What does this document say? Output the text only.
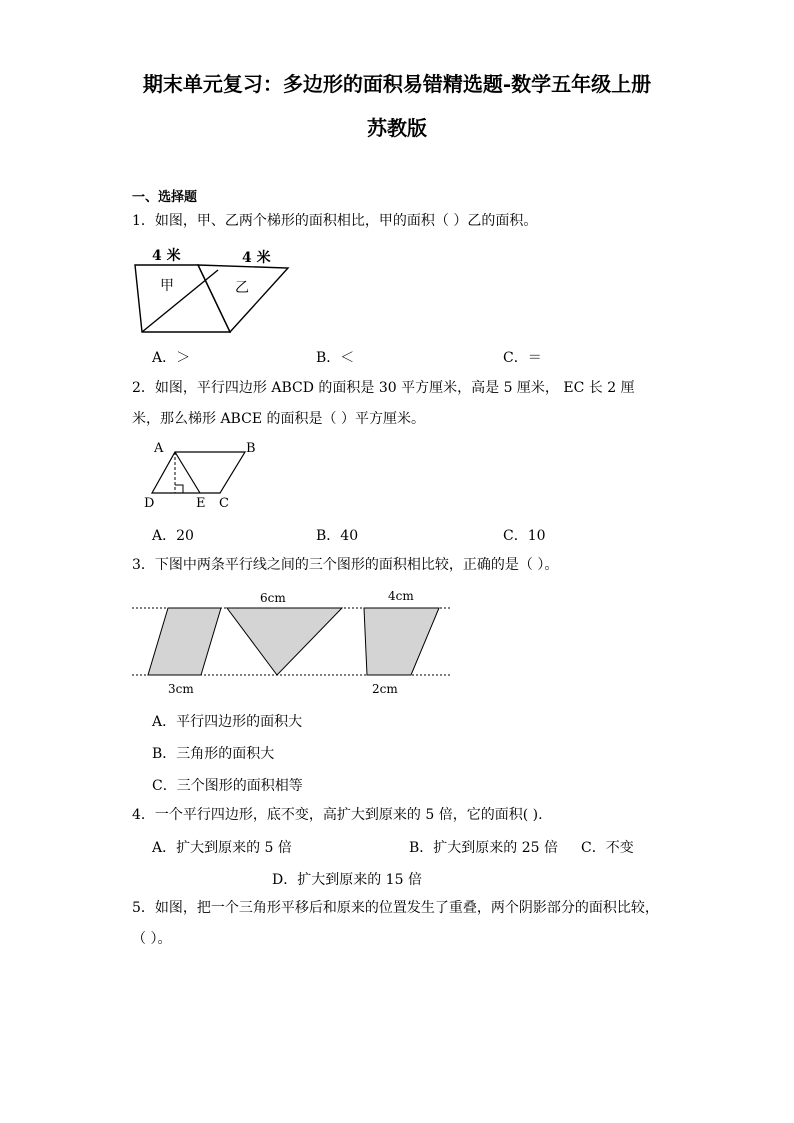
期末单元复习：多边形的面积易错精选题-数学五年级上册
苏教版
一、选择题
1．如图，甲、乙两个梯形的面积相比，甲的面积（ ）乙的面积。
4 米	4 米
甲	乙
A．＞	B．＜	C．＝
2．如图，平行四边形 ABCD 的面积是 30 平方厘米，高是 5 厘米， EC 长 2 厘米，那么梯形 ABCE 的面积是（ ）平方厘米。
A	B
D	E C
A．20	B．40	C．10
3．下图中两条平行线之间的三个图形的面积相比较，正确的是（ ）。
6cm	4cm
3cm	2cm
A．平行四边形的面积大
B．三角形的面积大
C．三个图形的面积相等
4．一个平行四边形，底不变，高扩大到原来的 5 倍，它的面积( ).
A．扩大到原来的 5 倍	B．扩大到原来的 25 倍 C．不变
D．扩大到原来的 15 倍
5．如图，把一个三角形平移后和原来的位置发生了重叠，两个阴影部分的面积比较，（ ）。
